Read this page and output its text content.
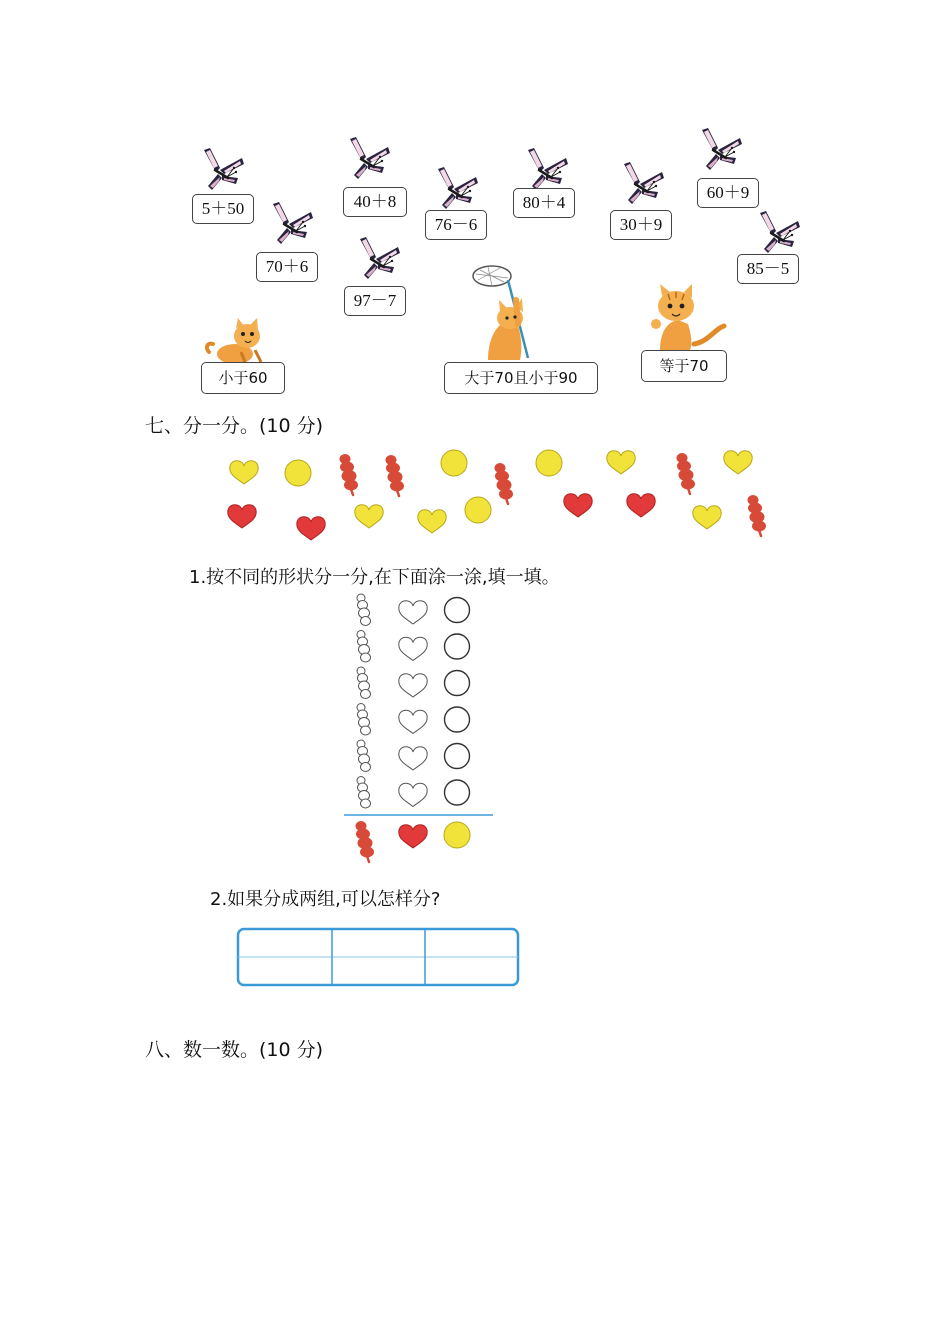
5＋50
70＋6
40＋8
97－7
76－6
80＋4
30＋9
60＋9
85－5
小于60	大于70且小于90
等于70
七、分一分。(10 分)
1.按不同的形状分一分,在下面涂一涂,填一填。
2.如果分成两组,可以怎样分?
八、数一数。(10 分)
